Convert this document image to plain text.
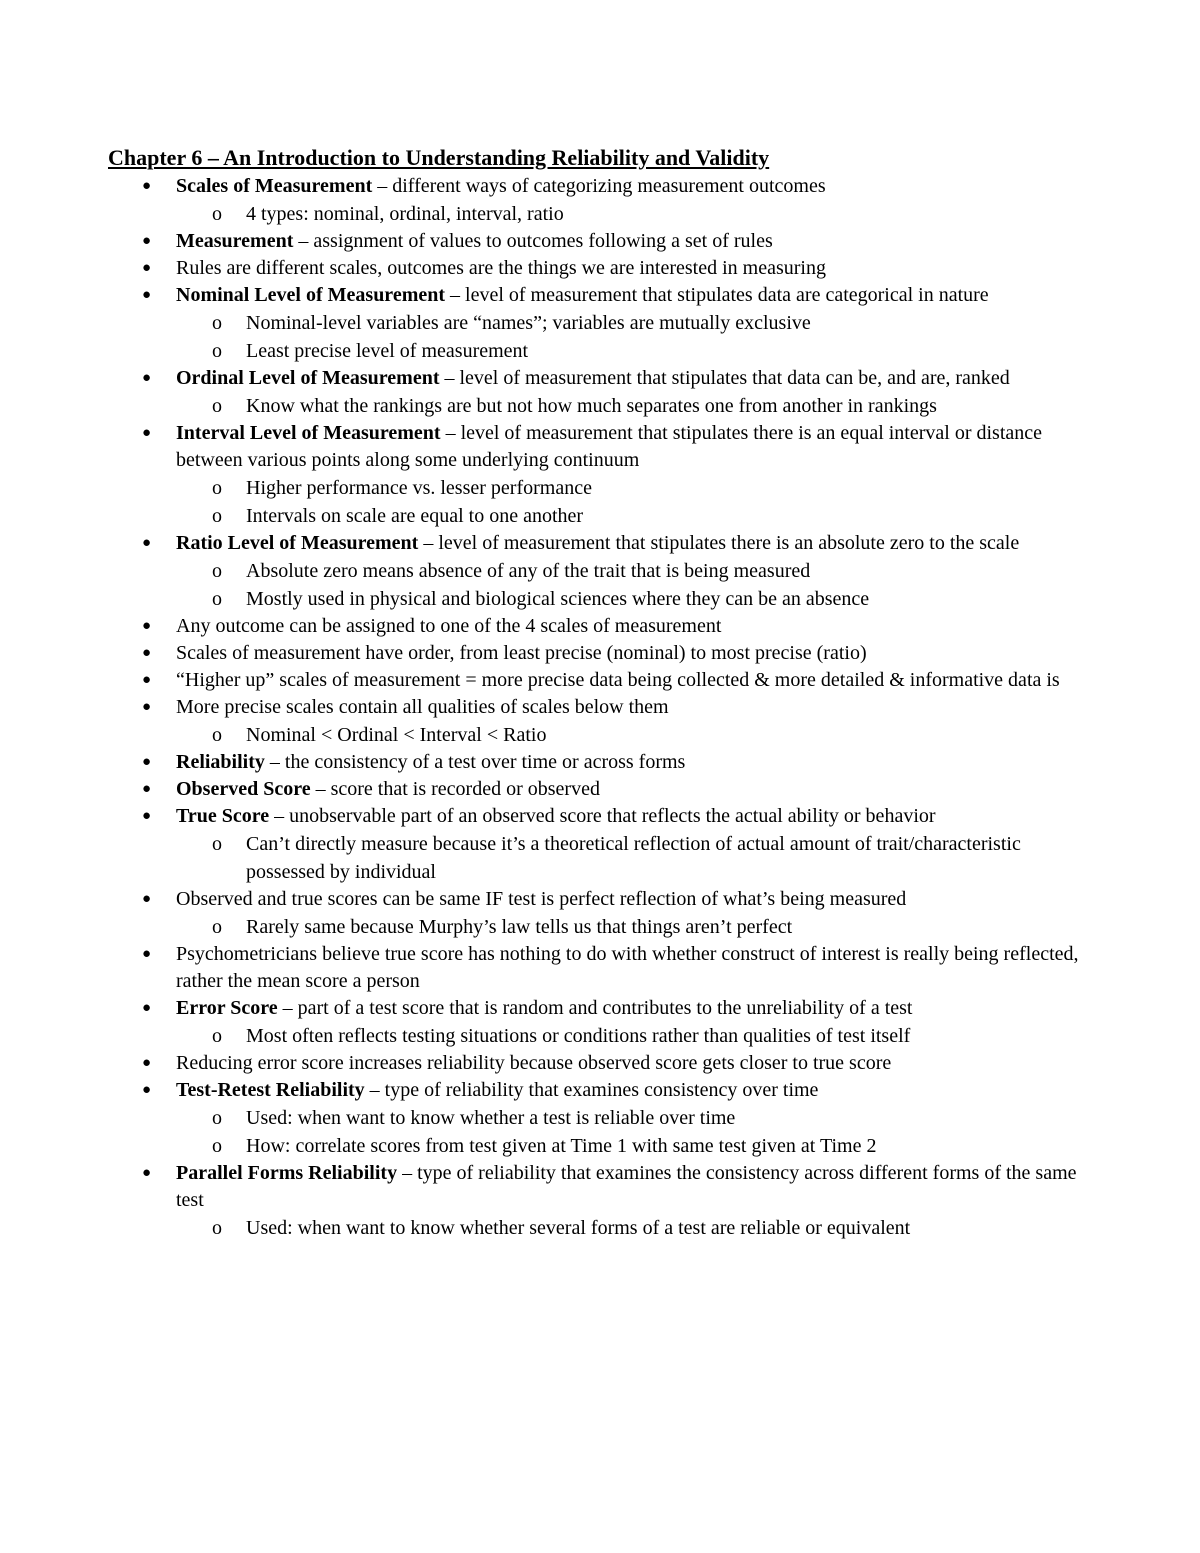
Chapter 6 – An Introduction to Understanding Reliability and Validity
● Scales of Measurement – different ways of categorizing measurement outcomes
o 4 types: nominal, ordinal, interval, ratio
● Measurement – assignment of values to outcomes following a set of rules
● Rules are different scales, outcomes are the things we are interested in measuring
● Nominal Level of Measurement – level of measurement that stipulates data are categorical in nature
o Nominal-level variables are “names”; variables are mutually exclusive
o Least precise level of measurement
● Ordinal Level of Measurement – level of measurement that stipulates that data can be, and are, ranked
o Know what the rankings are but not how much separates one from another in rankings
● Interval Level of Measurement – level of measurement that stipulates there is an equal interval or distance between various points along some underlying continuum
o Higher performance vs. lesser performance
o Intervals on scale are equal to one another
● Ratio Level of Measurement – level of measurement that stipulates there is an absolute zero to the scale
o Absolute zero means absence of any of the trait that is being measured
o Mostly used in physical and biological sciences where they can be an absence
● Any outcome can be assigned to one of the 4 scales of measurement
● Scales of measurement have order, from least precise (nominal) to most precise (ratio)
● “Higher up” scales of measurement = more precise data being collected & more detailed & informative data is
● More precise scales contain all qualities of scales below them
o Nominal < Ordinal < Interval < Ratio
● Reliability – the consistency of a test over time or across forms
● Observed Score – score that is recorded or observed
● True Score – unobservable part of an observed score that reflects the actual ability or behavior
o Can’t directly measure because it’s a theoretical reflection of actual amount of trait/characteristic possessed by individual
● Observed and true scores can be same IF test is perfect reflection of what’s being measured
o Rarely same because Murphy’s law tells us that things aren’t perfect
● Psychometricians believe true score has nothing to do with whether construct of interest is really being reflected, rather the mean score a person
● Error Score – part of a test score that is random and contributes to the unreliability of a test
o Most often reflects testing situations or conditions rather than qualities of test itself
● Reducing error score increases reliability because observed score gets closer to true score
● Test-Retest Reliability – type of reliability that examines consistency over time
o Used: when want to know whether a test is reliable over time
o How: correlate scores from test given at Time 1 with same test given at Time 2
● Parallel Forms Reliability – type of reliability that examines the consistency across different forms of the same test
o Used: when want to know whether several forms of a test are reliable or equivalent
